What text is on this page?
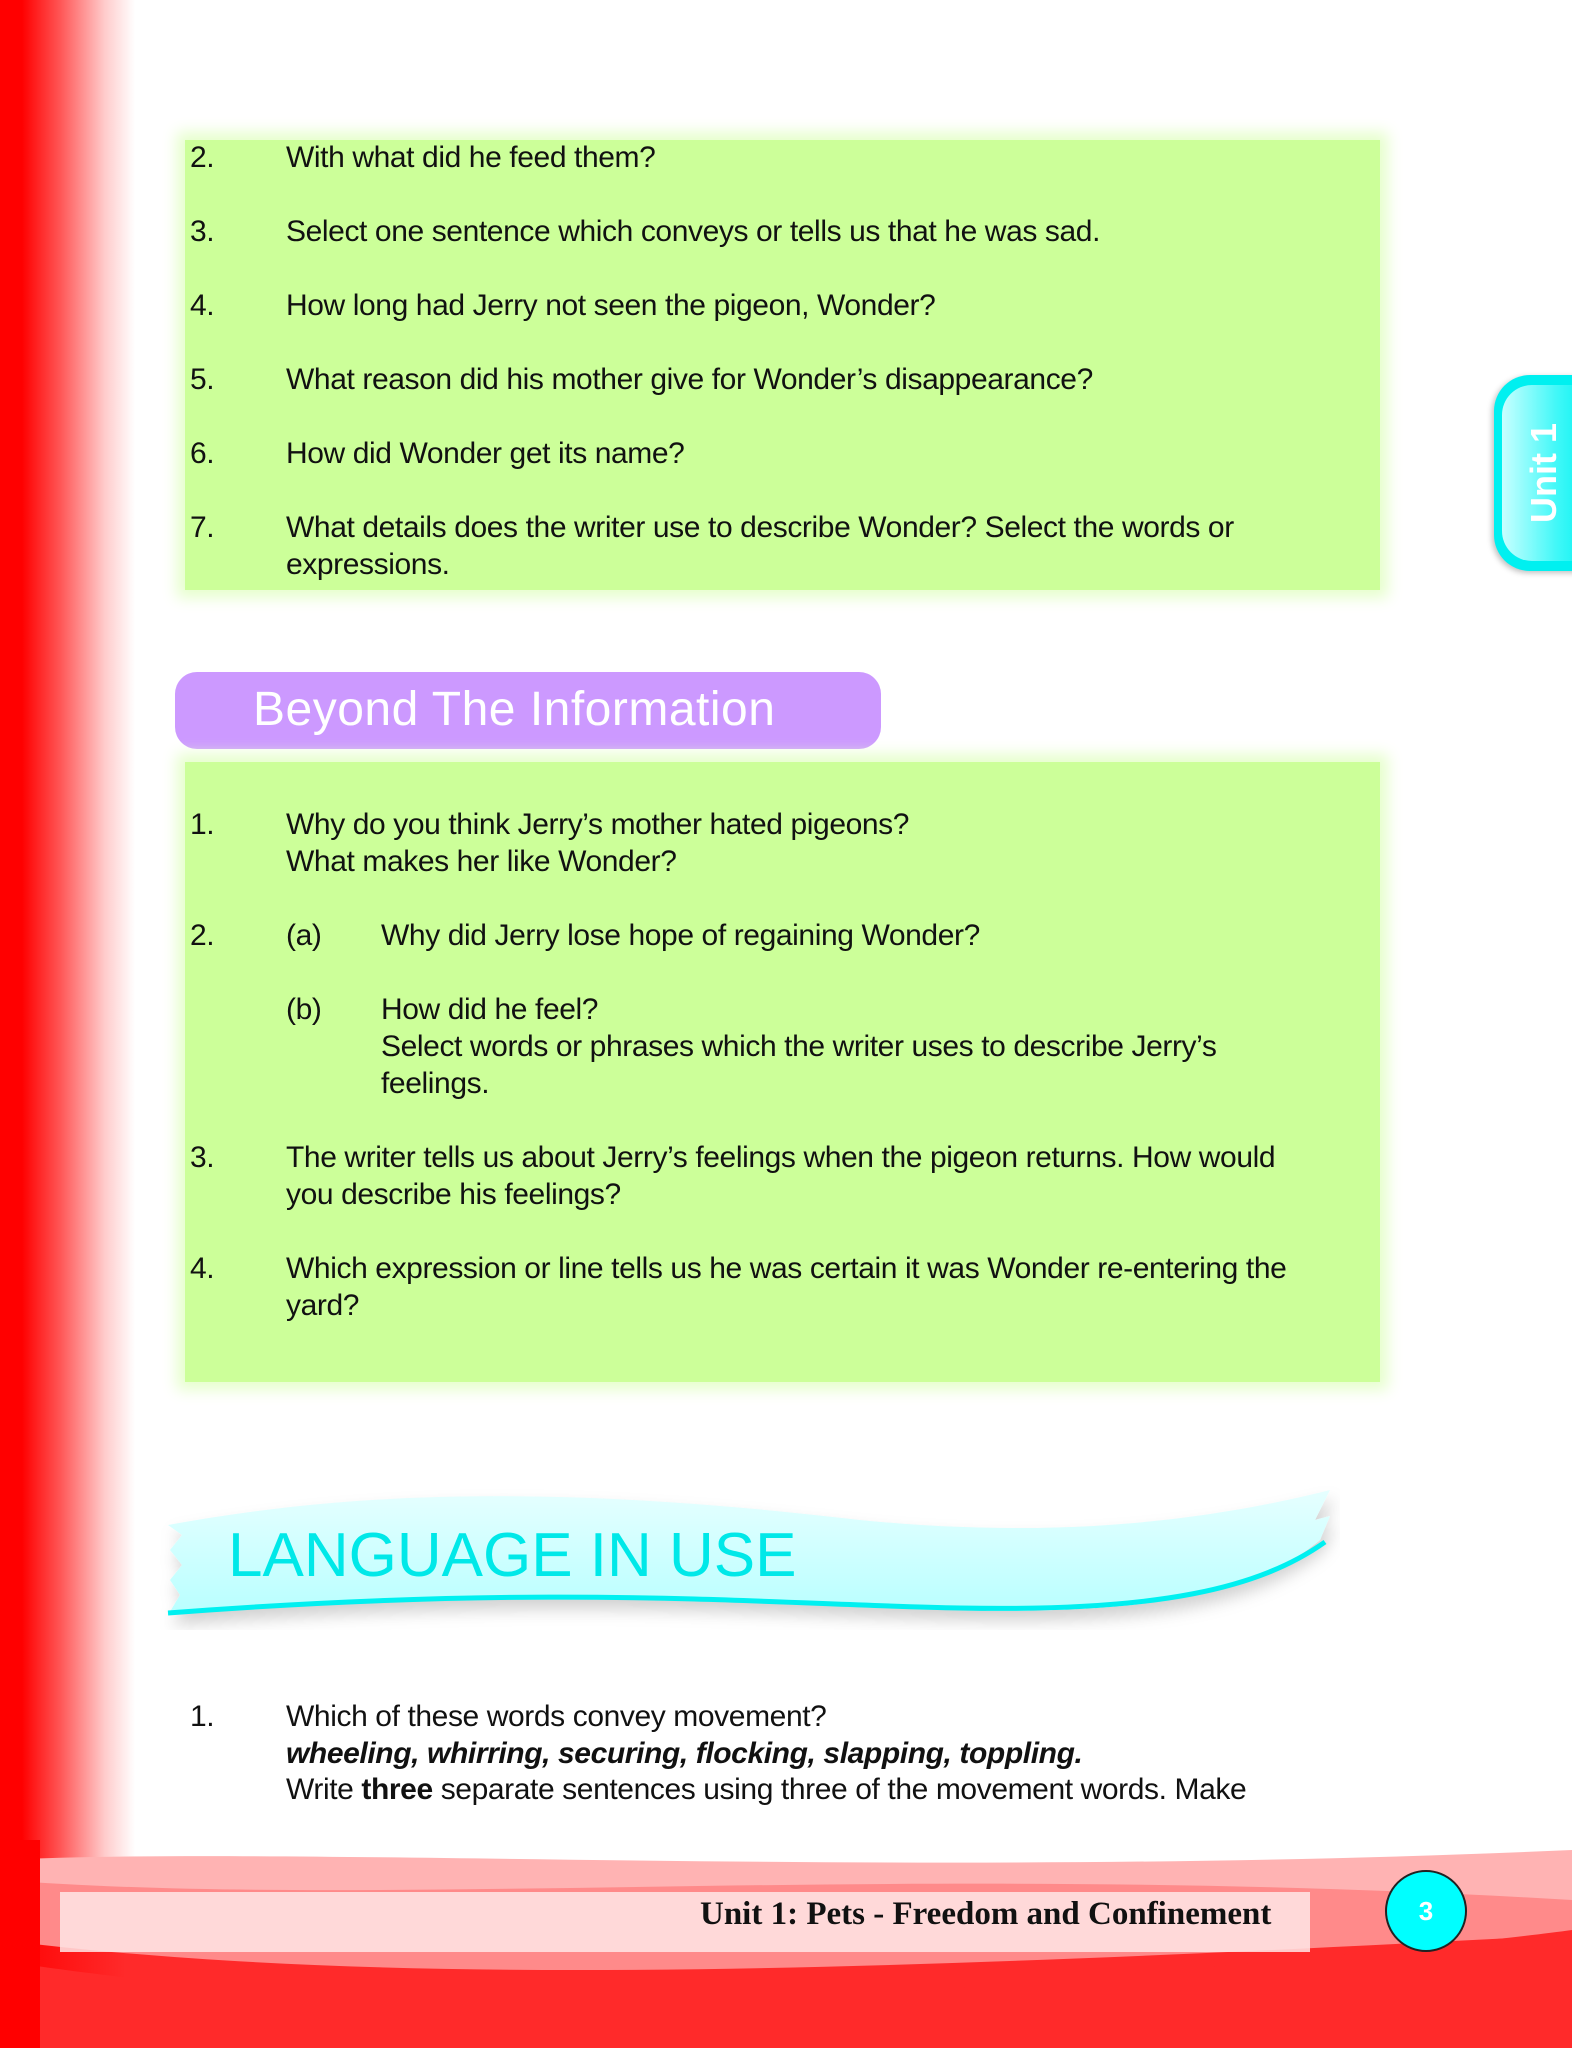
Unit 1
2. With what did he feed them?
3. Select one sentence which conveys or tells us that he was sad.
4. How long had Jerry not seen the pigeon, Wonder?
5. What reason did his mother give for Wonder’s disappearance?
6. How did Wonder get its name?
7. What details does the writer use to describe Wonder? Select the words or
expressions.
Beyond The Information
1. Why do you think Jerry’s mother hated pigeons?
What makes her like Wonder?
2. (a) Why did Jerry lose hope of regaining Wonder?
(b) How did he feel?
Select words or phrases which the writer uses to describe Jerry’s
feelings.
3. The writer tells us about Jerry’s feelings when the pigeon returns. How would
you describe his feelings?
4. Which expression or line tells us he was certain it was Wonder re-entering the
yard?
LANGUAGE IN USE
1. Which of these words convey movement?
wheeling, whirring, securing, flocking, slapping, toppling.
Write three separate sentences using three of the movement words. Make
Unit 1: Pets - Freedom and Confinement	3
